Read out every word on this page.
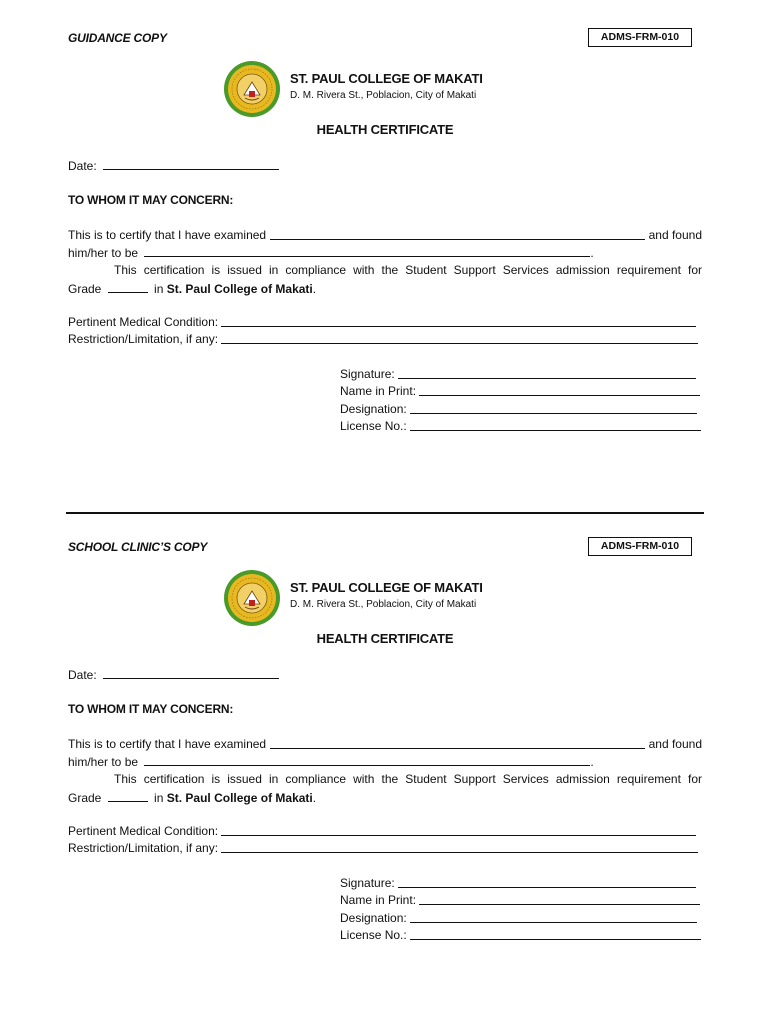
GUIDANCE COPY	ADMS-FRM-010
ST. PAUL COLLEGE OF MAKATI
D. M. Rivera St., Poblacion, City of Makati
HEALTH CERTIFICATE
Date:
TO WHOM IT MAY CONCERN:
This is to certify that I have examined	and found
him/her to be	.
This certification is issued in compliance with the Student Support Services admission requirement for
Grade	in St. Paul College of Makati.
Pertinent Medical Condition:
Restriction/Limitation, if any:
Signature:
Name in Print:
Designation:
License No.:
SCHOOL CLINIC’S COPY	ADMS-FRM-010
ST. PAUL COLLEGE OF MAKATI
D. M. Rivera St., Poblacion, City of Makati
HEALTH CERTIFICATE
Date:
TO WHOM IT MAY CONCERN:
This is to certify that I have examined	and found
him/her to be	.
This certification is issued in compliance with the Student Support Services admission requirement for
Grade	in St. Paul College of Makati.
Pertinent Medical Condition:
Restriction/Limitation, if any:
Signature:
Name in Print:
Designation:
License No.:
